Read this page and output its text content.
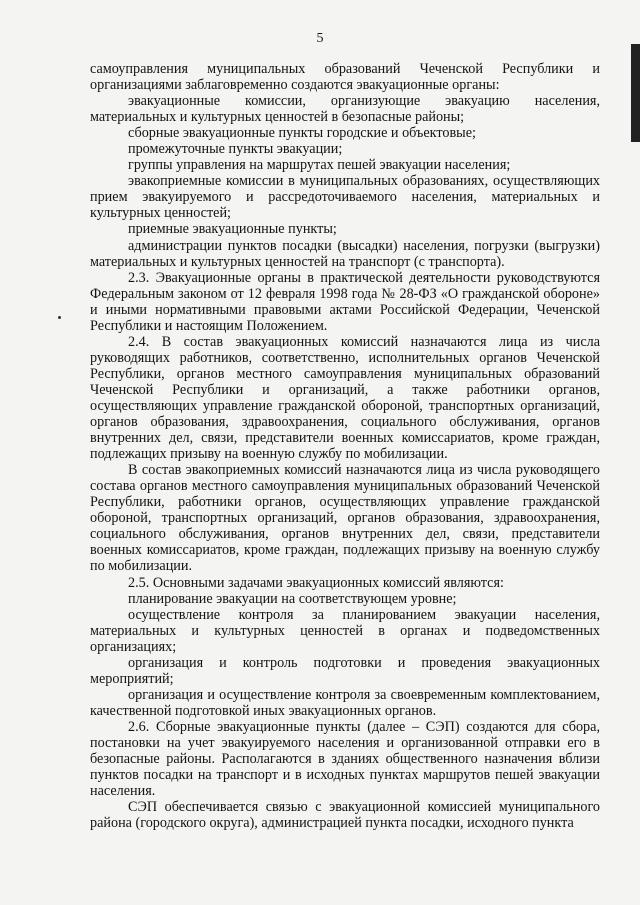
5

самоуправления муниципальных образований Чеченской Республики и организациями заблаговременно создаются эвакуационные органы:

эвакуационные комиссии, организующие эвакуацию населения, материальных и культурных ценностей в безопасные районы;

сборные эвакуационные пункты городские и объектовые;

промежуточные пункты эвакуации;

группы управления на маршрутах пешей эвакуации населения;

эвакоприемные комиссии в муниципальных образованиях, осуществляющих прием эвакуируемого и рассредоточиваемого населения, материальных и культурных ценностей;

приемные эвакуационные пункты;

администрации пунктов посадки (высадки) населения, погрузки (выгрузки) материальных и культурных ценностей на транспорт (с транспорта).

2.3. Эвакуационные органы в практической деятельности руководствуются Федеральным законом от 12 февраля 1998 года № 28-ФЗ «О гражданской обороне» и иными нормативными правовыми актами Российской Федерации, Чеченской Республики и настоящим Положением.

2.4. В состав эвакуационных комиссий назначаются лица из числа руководящих работников, соответственно, исполнительных органов Чеченской Республики, органов местного самоуправления муниципальных образований Чеченской Республики и организаций, а также работники органов, осуществляющих управление гражданской обороной, транспортных организаций, органов образования, здравоохранения, социального обслуживания, органов внутренних дел, связи, представители военных комиссариатов, кроме граждан, подлежащих призыву на военную службу по мобилизации.

В состав эвакоприемных комиссий назначаются лица из числа руководящего состава органов местного самоуправления муниципальных образований Чеченской Республики, работники органов, осуществляющих управление гражданской обороной, транспортных организаций, органов образования, здравоохранения, социального обслуживания, органов внутренних дел, связи, представители военных комиссариатов, кроме граждан, подлежащих призыву на военную службу по мобилизации.

2.5. Основными задачами эвакуационных комиссий являются:

планирование эвакуации на соответствующем уровне;

осуществление контроля за планированием эвакуации населения, материальных и культурных ценностей в органах и подведомственных организациях;

организация и контроль подготовки и проведения эвакуационных мероприятий;

организация и осуществление контроля за своевременным комплектованием, качественной подготовкой иных эвакуационных органов.

2.6. Сборные эвакуационные пункты (далее – СЭП) создаются для сбора, постановки на учет эвакуируемого населения и организованной отправки его в безопасные районы. Располагаются в зданиях общественного назначения вблизи пунктов посадки на транспорт и в исходных пунктах маршрутов пешей эвакуации населения.

СЭП обеспечивается связью с эвакуационной комиссией муниципального района (городского округа), администрацией пункта посадки, исходного пункта
